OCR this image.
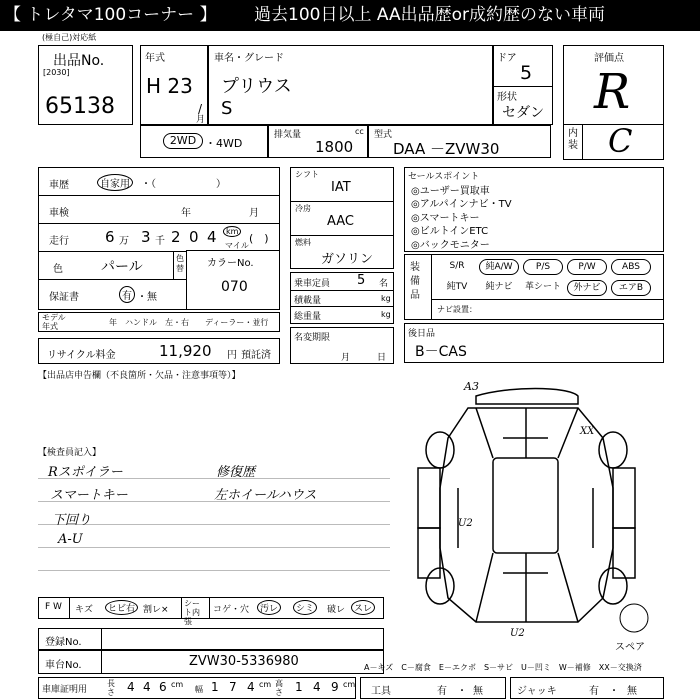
【 トレタマ100コーナー 】 過去100日以上 AA出品歴or成約歴のない車両
(極自己)対応紙
出品No.
[2030]
65138
年式
H 23
/
月
車名・グレード
プリウス
S
ドア
5
形状
セダン
評価点
R
内装 C
2WD ・4WD
排気量	cc
1800
型式
DAA －ZVW30
車歴	自家用	・（　　　　　　）
車検	年	月
走行 6 万 3 千 2 0 4	km
マイル
(　)
色	パール
色替
保証書	有 ・無
カラーNo.
070
モデル年式	年 ハンドル　左・右 ディーラー・並行
リサイクル料金	11,920 円 預託済
シフト
IAT
冷房
AAC
燃料
ガソリン
乗車定員 5 名
積載量	kg
総重量	kg
名変期限
月	日
セールスポイント
◎ユーザー買取車
◎アルパインナビ・TV
◎スマートキー
◎ビルトインETC
◎バックモニター
装備品
S/R	純A/W	P/S	P/W	ABS
純TV	純ナビ	革シート	外ナビ	エアB
ナビ設置：
後日品
B－CAS
【出品店申告欄（不良箇所・欠品・注意事項等）】
【検査員記入】
Rスポイラー
スマートキー
下回り
A-U
修復歴
左ホイールハウス
A3
XX
U2
U2
スペア
F W キズ	ヒビ右 割レ×
シート内張
コゲ・穴	汚レ	シミ	破レ スレ
登録No.
車台No.	ZVW30-5336980	A－キズ　C－腐食　E－エクボ　S－サビ　U－凹ミ　W－補修　XX－交換済
車庫証明用
長さ 4 4 6 cm
幅 1 7 4 cm 高さ 1 4 9 cm
工具	有 ・ 無	ジャッキ	有 ・ 無
